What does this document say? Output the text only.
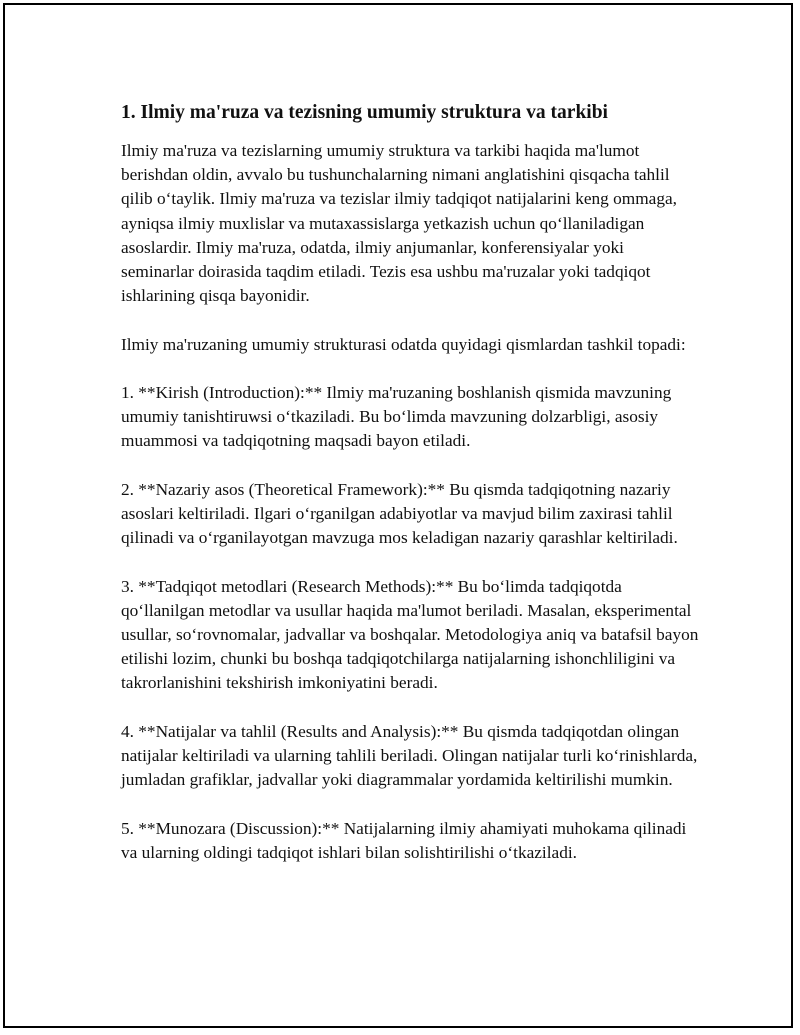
1. Ilmiy ma'ruza va tezisning umumiy struktura va tarkibi

Ilmiy ma'ruza va tezislarning umumiy struktura va tarkibi haqida ma'lumot berishdan oldin, avvalo bu tushunchalarning nimani anglatishini qisqacha tahlil qilib oʻtaylik. Ilmiy ma'ruza va tezislar ilmiy tadqiqot natijalarini keng ommaga, ayniqsa ilmiy muxlislar va mutaxassislarga yetkazish uchun qoʻllaniladigan asoslardir. Ilmiy ma'ruza, odatda, ilmiy anjumanlar, konferensiyalar yoki seminarlar doirasida taqdim etiladi. Tezis esa ushbu ma'ruzalar yoki tadqiqot ishlarining qisqa bayonidir.

Ilmiy ma'ruzaning umumiy strukturasi odatda quyidagi qismlardan tashkil topadi:

1. **Kirish (Introduction):** Ilmiy ma'ruzaning boshlanish qismida mavzuning umumiy tanishtiruwsi oʻtkaziladi. Bu boʻlimda mavzuning dolzarbligi, asosiy muammosi va tadqiqotning maqsadi bayon etiladi.

2. **Nazariy asos (Theoretical Framework):** Bu qismda tadqiqotning nazariy asoslari keltiriladi. Ilgari oʻrganilgan adabiyotlar va mavjud bilim zaxirasi tahlil qilinadi va oʻrganilayotgan mavzuga mos keladigan nazariy qarashlar keltiriladi.

3. **Tadqiqot metodlari (Research Methods):** Bu boʻlimda tadqiqotda qoʻllanilgan metodlar va usullar haqida ma'lumot beriladi. Masalan, eksperimental usullar, soʻrovnomalar, jadvallar va boshqalar. Metodologiya aniq va batafsil bayon etilishi lozim, chunki bu boshqa tadqiqotchilarga natijalarning ishonchliligini va takrorlanishini tekshirish imkoniyatini beradi.

4. **Natijalar va tahlil (Results and Analysis):** Bu qismda tadqiqotdan olingan natijalar keltiriladi va ularning tahlili beriladi. Olingan natijalar turli koʻrinishlarda, jumladan grafiklar, jadvallar yoki diagrammalar yordamida keltirilishi mumkin.

5. **Munozara (Discussion):** Natijalarning ilmiy ahamiyati muhokama qilinadi va ularning oldingi tadqiqot ishlari bilan solishtirilishi oʻtkaziladi.
